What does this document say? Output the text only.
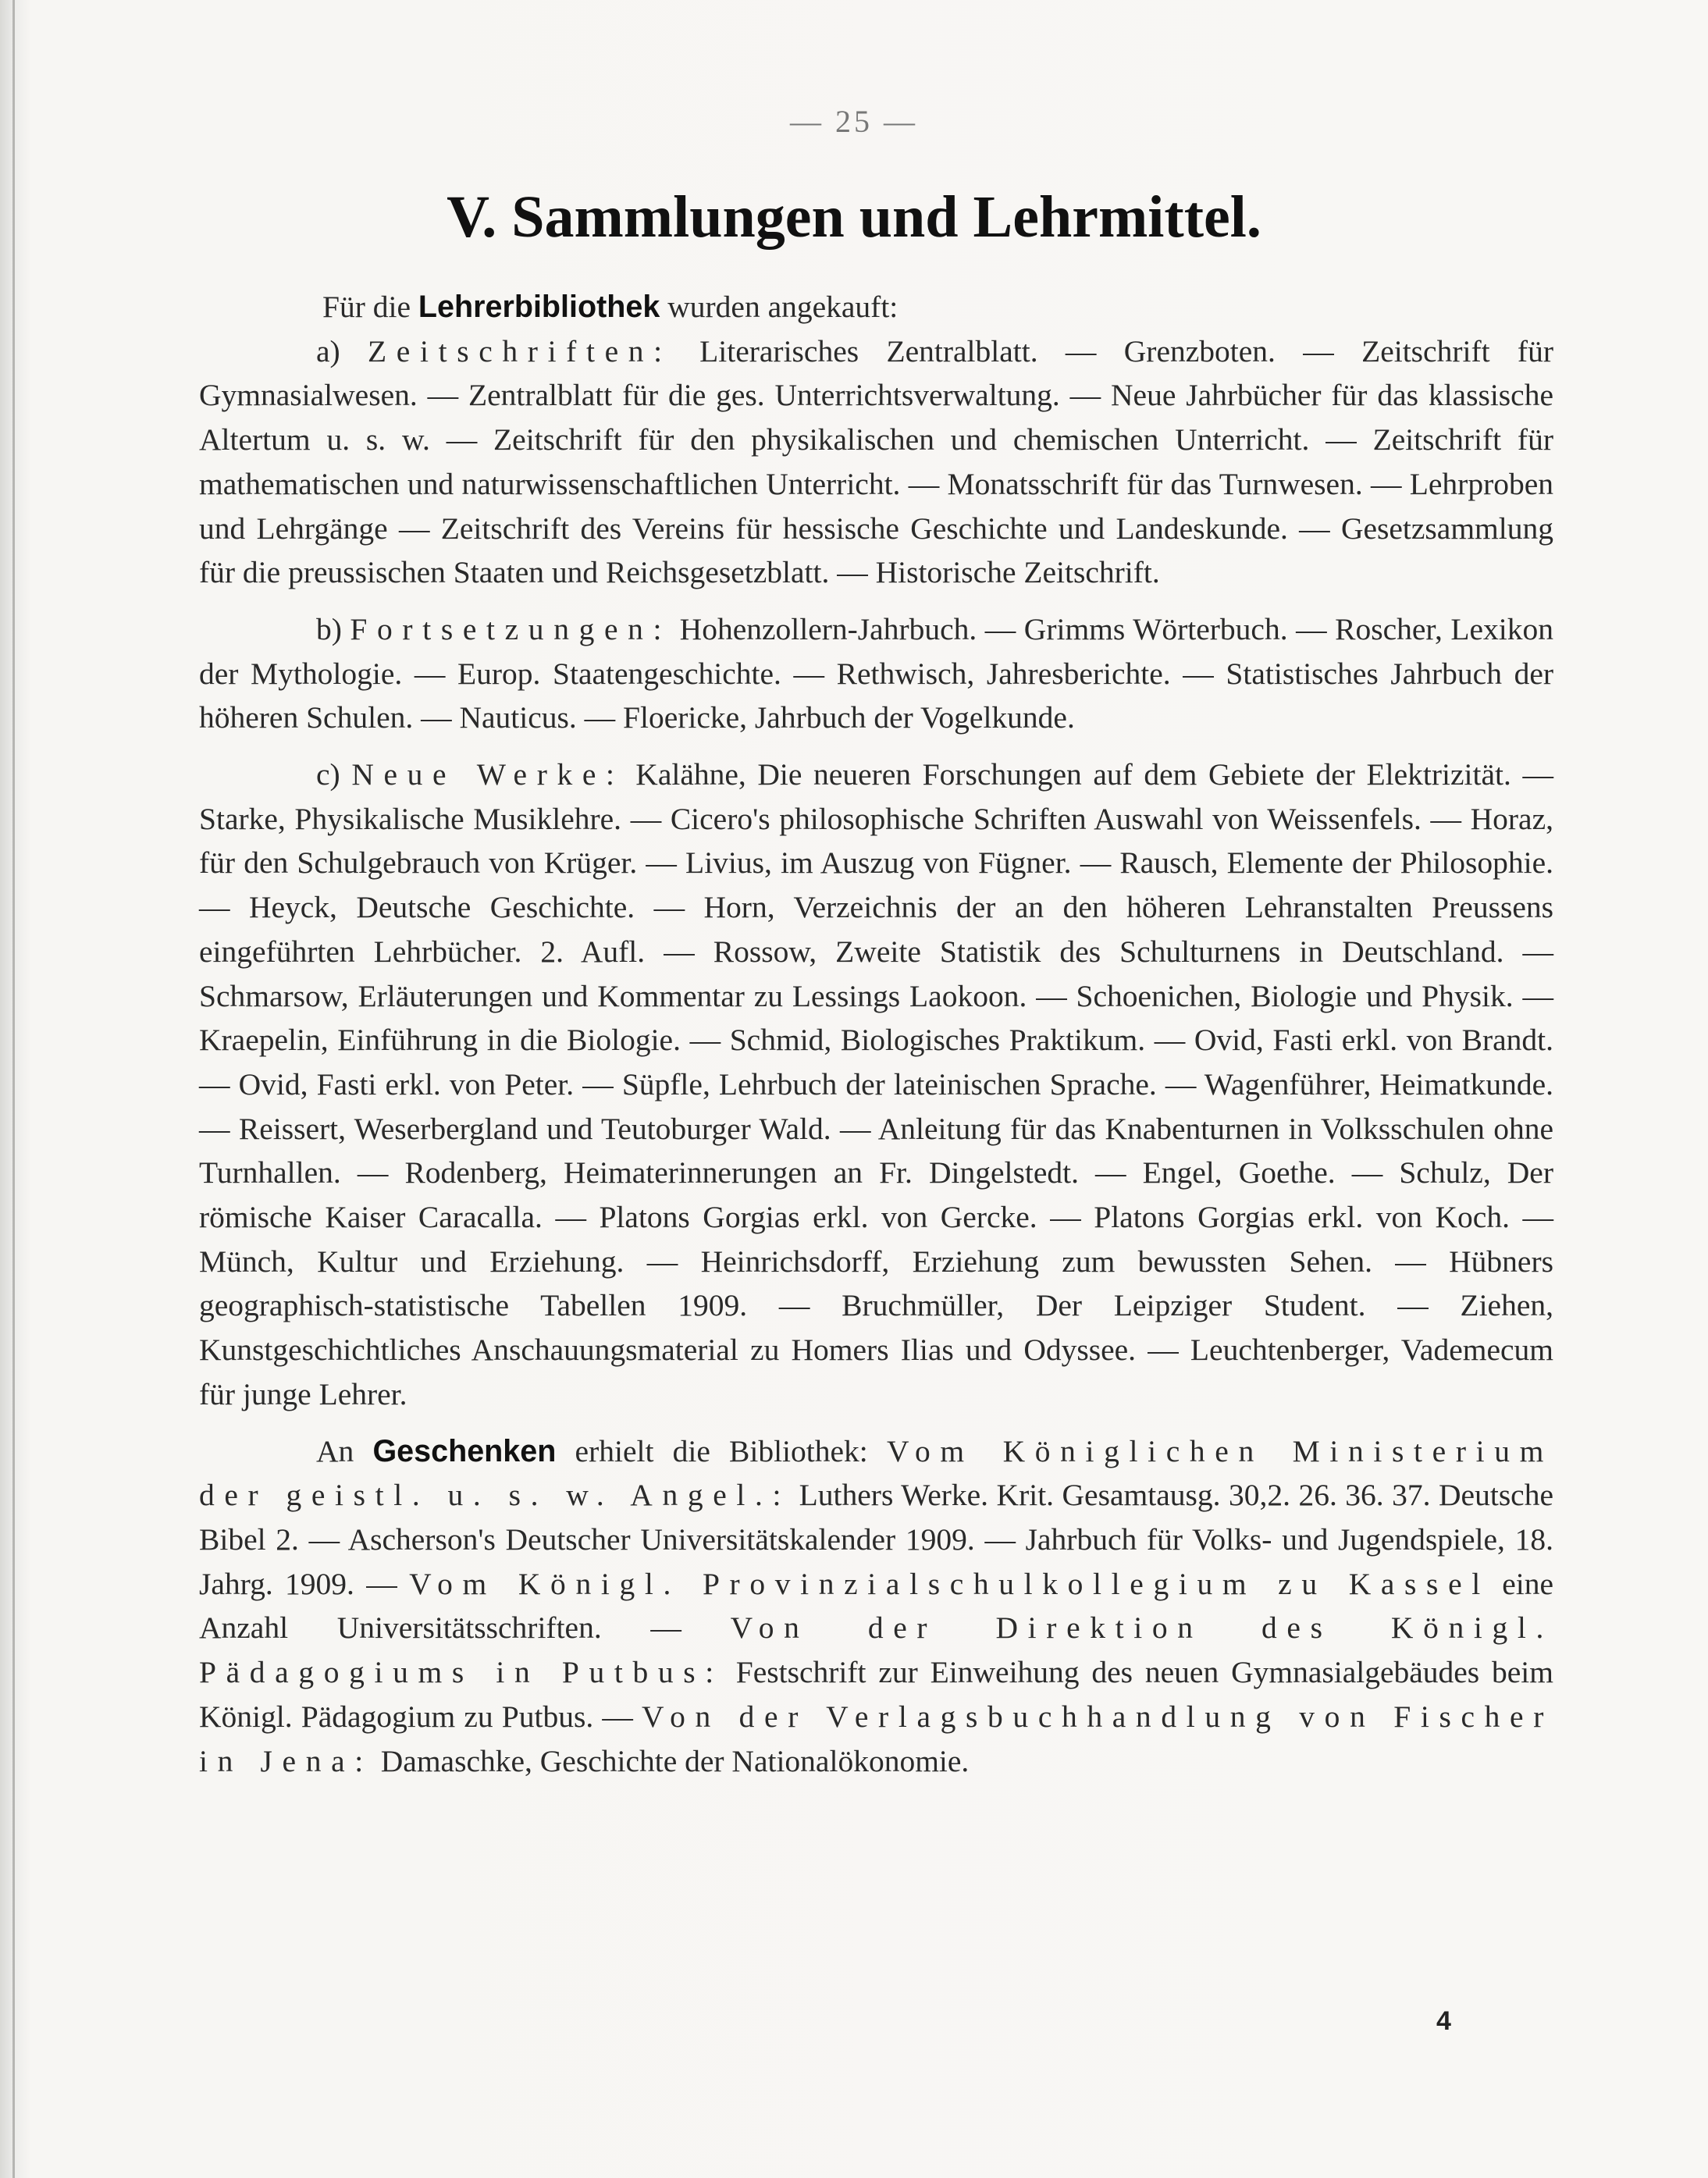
— 25 —
V. Sammlungen und Lehrmittel.

Für die Lehrerbibliothek wurden angekauft:

a) Zeitschriften: Literarisches Zentralblatt. — Grenzboten. — Zeitschrift für Gymnasialwesen. — Zentralblatt für die ges. Unterrichtsverwaltung. — Neue Jahrbücher für das klassische Altertum u. s. w. — Zeitschrift für den physikalischen und chemischen Unterricht. — Zeitschrift für mathematischen und naturwissenschaftlichen Unterricht. — Monatsschrift für das Turnwesen. — Lehrproben und Lehrgänge — Zeitschrift des Vereins für hessische Geschichte und Landeskunde. — Gesetzsammlung für die preussischen Staaten und Reichsgesetzblatt. — Historische Zeitschrift.

b) Fortsetzungen: Hohenzollern-Jahrbuch. — Grimms Wörterbuch. — Roscher, Lexikon der Mythologie. — Europ. Staatengeschichte. — Rethwisch, Jahresberichte. — Statistisches Jahrbuch der höheren Schulen. — Nauticus. — Floericke, Jahrbuch der Vogelkunde.

c) Neue Werke: Kalähne, Die neueren Forschungen auf dem Gebiete der Elektrizität. — Starke, Physikalische Musiklehre. — Cicero's philosophische Schriften Auswahl von Weissenfels. — Horaz, für den Schulgebrauch von Krüger. — Livius, im Auszug von Fügner. — Rausch, Elemente der Philosophie. — Heyck, Deutsche Geschichte. — Horn, Verzeichnis der an den höheren Lehranstalten Preussens eingeführten Lehrbücher. 2. Aufl. — Rossow, Zweite Statistik des Schulturnens in Deutschland. — Schmarsow, Erläuterungen und Kommentar zu Lessings Laokoon. — Schoenichen, Biologie und Physik. — Kraepelin, Einführung in die Biologie. — Schmid, Biologisches Praktikum. — Ovid, Fasti erkl. von Brandt. — Ovid, Fasti erkl. von Peter. — Süpfle, Lehrbuch der lateinischen Sprache. — Wagenführer, Heimatkunde. — Reissert, Weserbergland und Teutoburger Wald. — Anleitung für das Knabenturnen in Volksschulen ohne Turnhallen. — Rodenberg, Heimaterinnerungen an Fr. Dingelstedt. — Engel, Goethe. — Schulz, Der römische Kaiser Caracalla. — Platons Gorgias erkl. von Gercke. — Platons Gorgias erkl. von Koch. — Münch, Kultur und Erziehung. — Heinrichsdorff, Erziehung zum bewussten Sehen. — Hübners geographisch-statistische Tabellen 1909. — Bruchmüller, Der Leipziger Student. — Ziehen, Kunstgeschichtliches Anschauungsmaterial zu Homers Ilias und Odyssee. — Leuchtenberger, Vademecum für junge Lehrer.

An Geschenken erhielt die Bibliothek: Vom Königlichen Ministerium der geistl. u. s. w. Angel.: Luthers Werke. Krit. Gesamtausg. 30,2. 26. 36. 37. Deutsche Bibel 2. — Ascherson's Deutscher Universitätskalender 1909. — Jahrbuch für Volks- und Jugendspiele, 18. Jahrg. 1909. — Vom Königl. Provinzialschulkollegium zu Kassel eine Anzahl Universitätsschriften. — Von der Direktion des Königl. Pädagogiums in Putbus: Festschrift zur Einweihung des neuen Gymnasialgebäudes beim Königl. Pädagogium zu Putbus. — Von der Verlagsbuchhandlung von Fischer in Jena: Damaschke, Geschichte der Nationalökonomie.

4
